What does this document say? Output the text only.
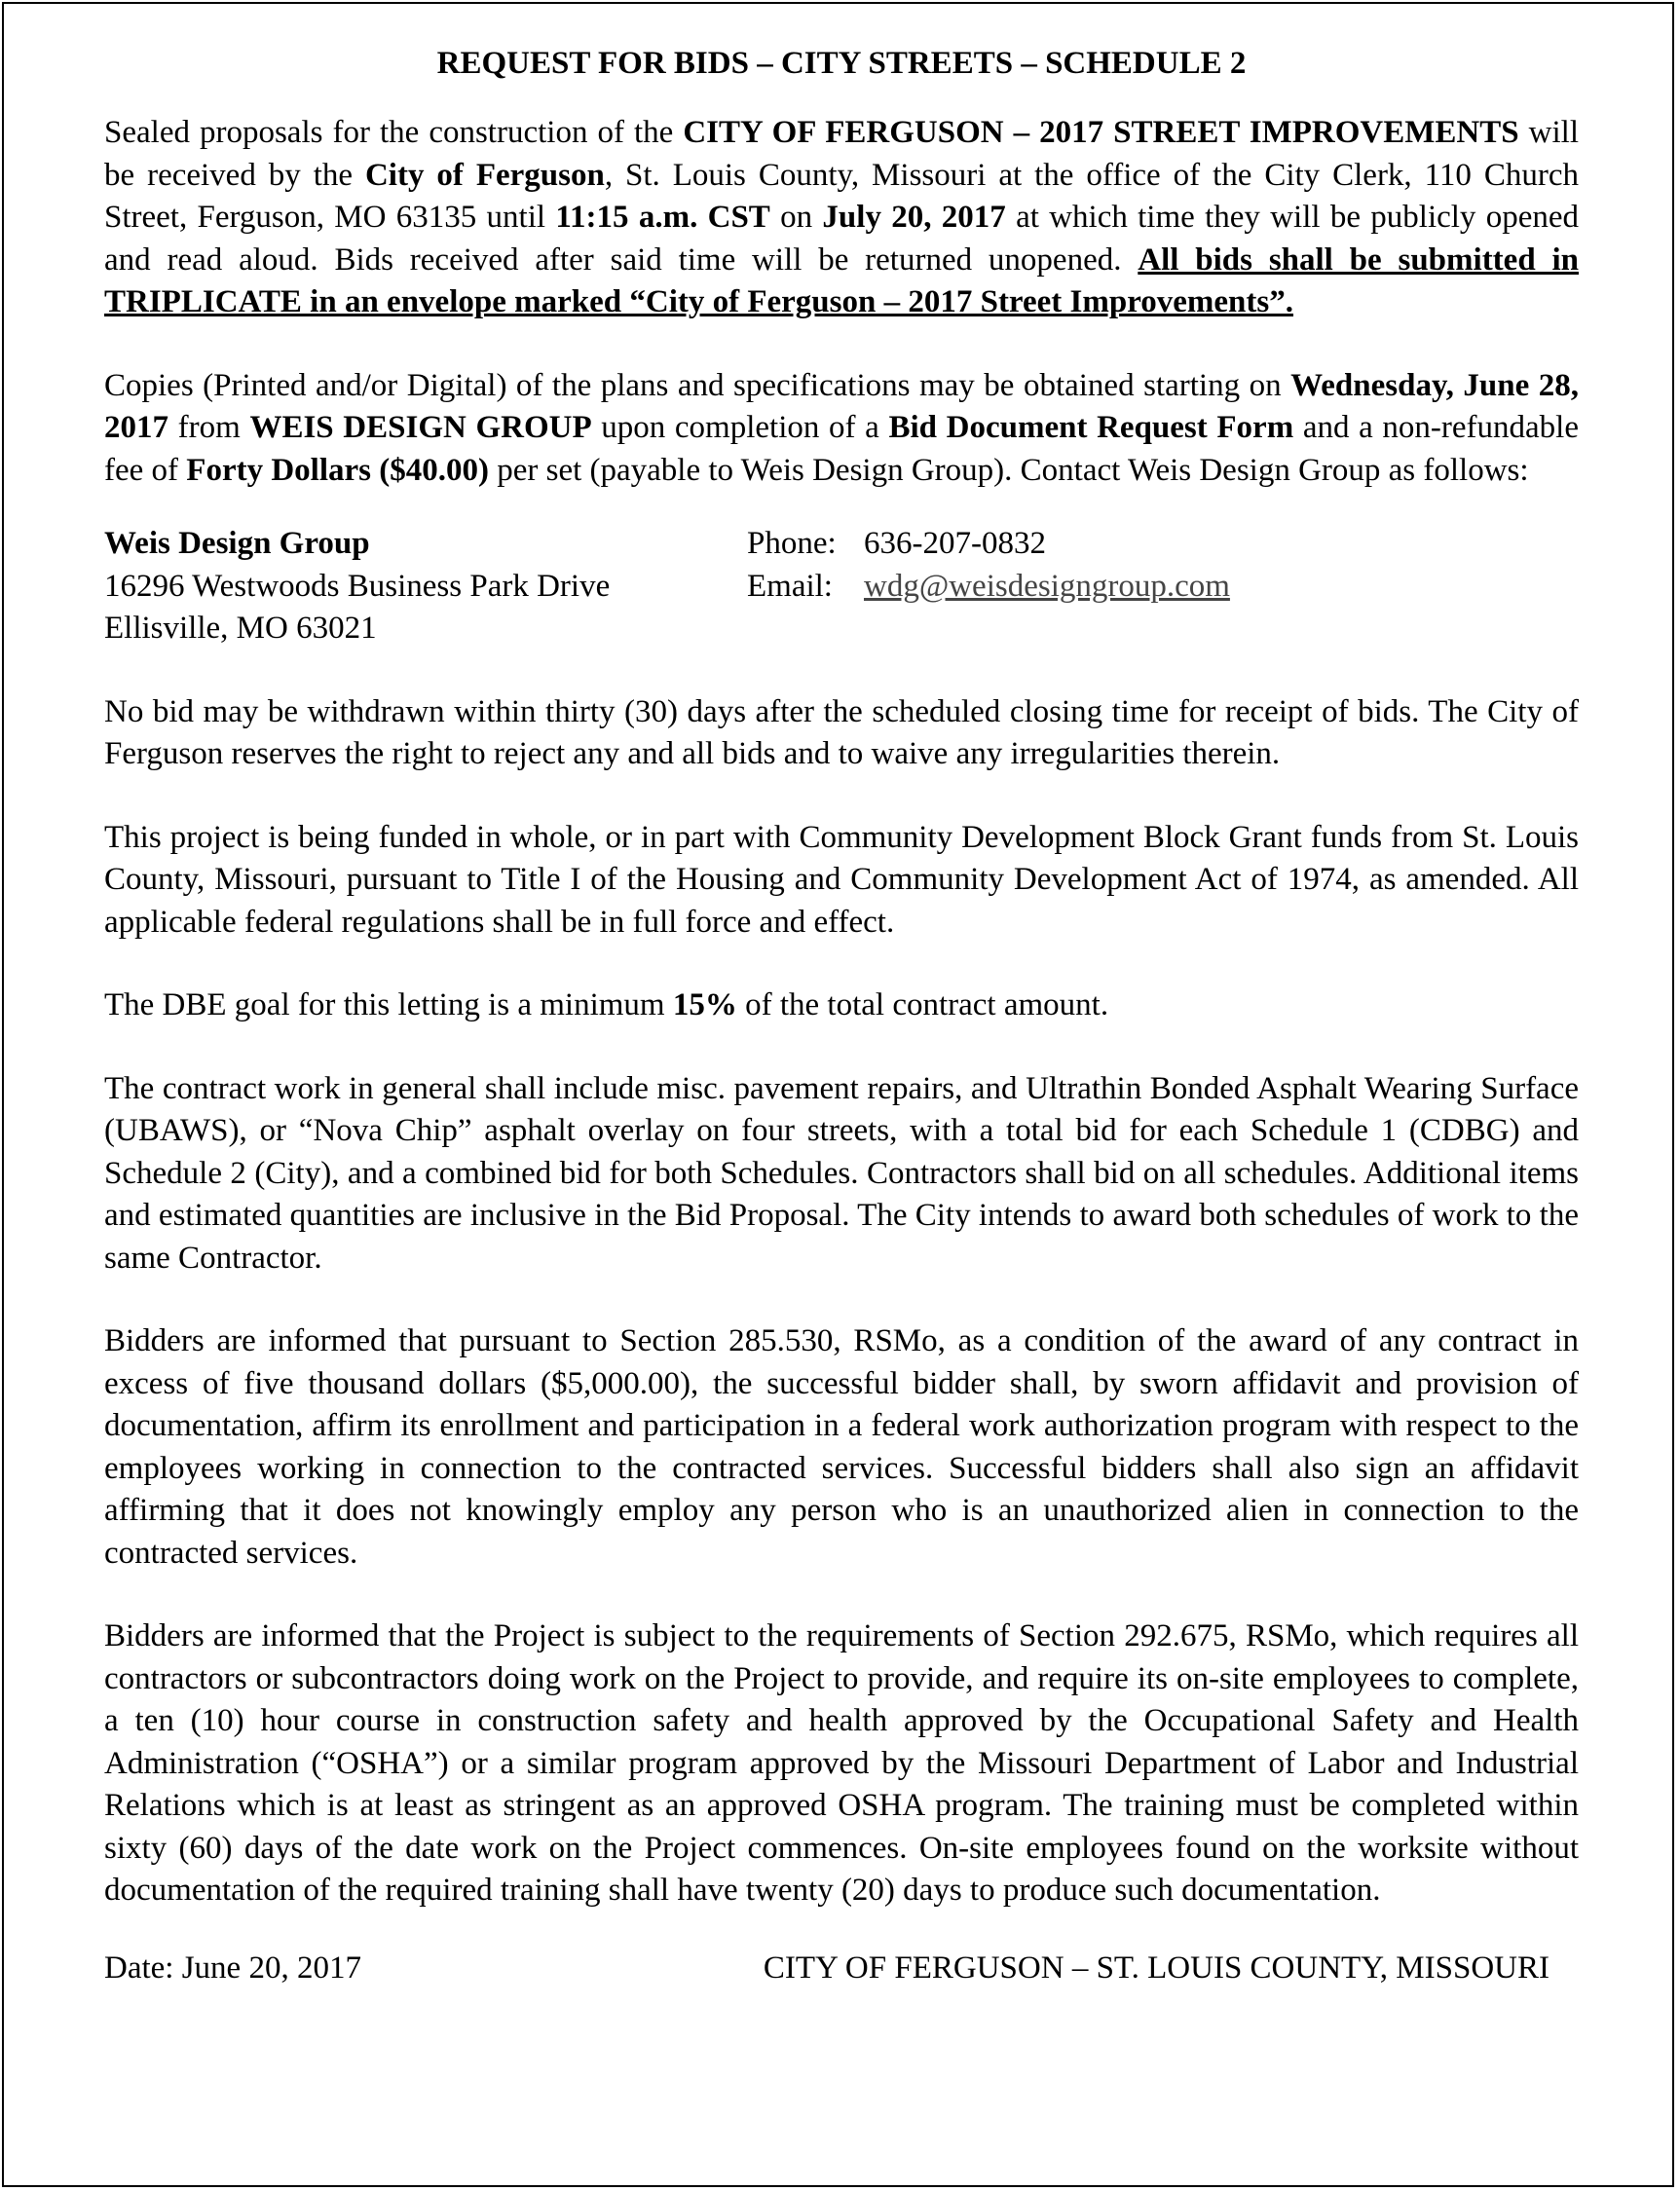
REQUEST FOR BIDS – CITY STREETS – SCHEDULE 2
Sealed proposals for the construction of the CITY OF FERGUSON – 2017 STREET IMPROVEMENTS will be received by the City of Ferguson, St. Louis County, Missouri at the office of the City Clerk, 110 Church Street, Ferguson, MO 63135 until 11:15 a.m. CST on July 20, 2017 at which time they will be publicly opened and read aloud. Bids received after said time will be returned unopened. All bids shall be submitted in TRIPLICATE in an envelope marked “City of Ferguson – 2017 Street Improvements”.
Copies (Printed and/or Digital) of the plans and specifications may be obtained starting on Wednesday, June 28, 2017 from WEIS DESIGN GROUP upon completion of a Bid Document Request Form and a non-refundable fee of Forty Dollars ($40.00) per set (payable to Weis Design Group). Contact Weis Design Group as follows:
Weis Design Group
16296 Westwoods Business Park Drive
Ellisville, MO 63021
Phone: 636-207-0832
Email: wdg@weisdesigngroup.com
No bid may be withdrawn within thirty (30) days after the scheduled closing time for receipt of bids. The City of Ferguson reserves the right to reject any and all bids and to waive any irregularities therein.
This project is being funded in whole, or in part with Community Development Block Grant funds from St. Louis County, Missouri, pursuant to Title I of the Housing and Community Development Act of 1974, as amended. All applicable federal regulations shall be in full force and effect.
The DBE goal for this letting is a minimum 15% of the total contract amount.
The contract work in general shall include misc. pavement repairs, and Ultrathin Bonded Asphalt Wearing Surface (UBAWS), or “Nova Chip” asphalt overlay on four streets, with a total bid for each Schedule 1 (CDBG) and Schedule 2 (City), and a combined bid for both Schedules. Contractors shall bid on all schedules. Additional items and estimated quantities are inclusive in the Bid Proposal. The City intends to award both schedules of work to the same Contractor.
Bidders are informed that pursuant to Section 285.530, RSMo, as a condition of the award of any contract in excess of five thousand dollars ($5,000.00), the successful bidder shall, by sworn affidavit and provision of documentation, affirm its enrollment and participation in a federal work authorization program with respect to the employees working in connection to the contracted services. Successful bidders shall also sign an affidavit affirming that it does not knowingly employ any person who is an unauthorized alien in connection to the contracted services.
Bidders are informed that the Project is subject to the requirements of Section 292.675, RSMo, which requires all contractors or subcontractors doing work on the Project to provide, and require its on-site employees to complete, a ten (10) hour course in construction safety and health approved by the Occupational Safety and Health Administration (“OSHA”) or a similar program approved by the Missouri Department of Labor and Industrial Relations which is at least as stringent as an approved OSHA program. The training must be completed within sixty (60) days of the date work on the Project commences. On-site employees found on the worksite without documentation of the required training shall have twenty (20) days to produce such documentation.
Date: June 20, 2017	CITY OF FERGUSON – ST. LOUIS COUNTY, MISSOURI
